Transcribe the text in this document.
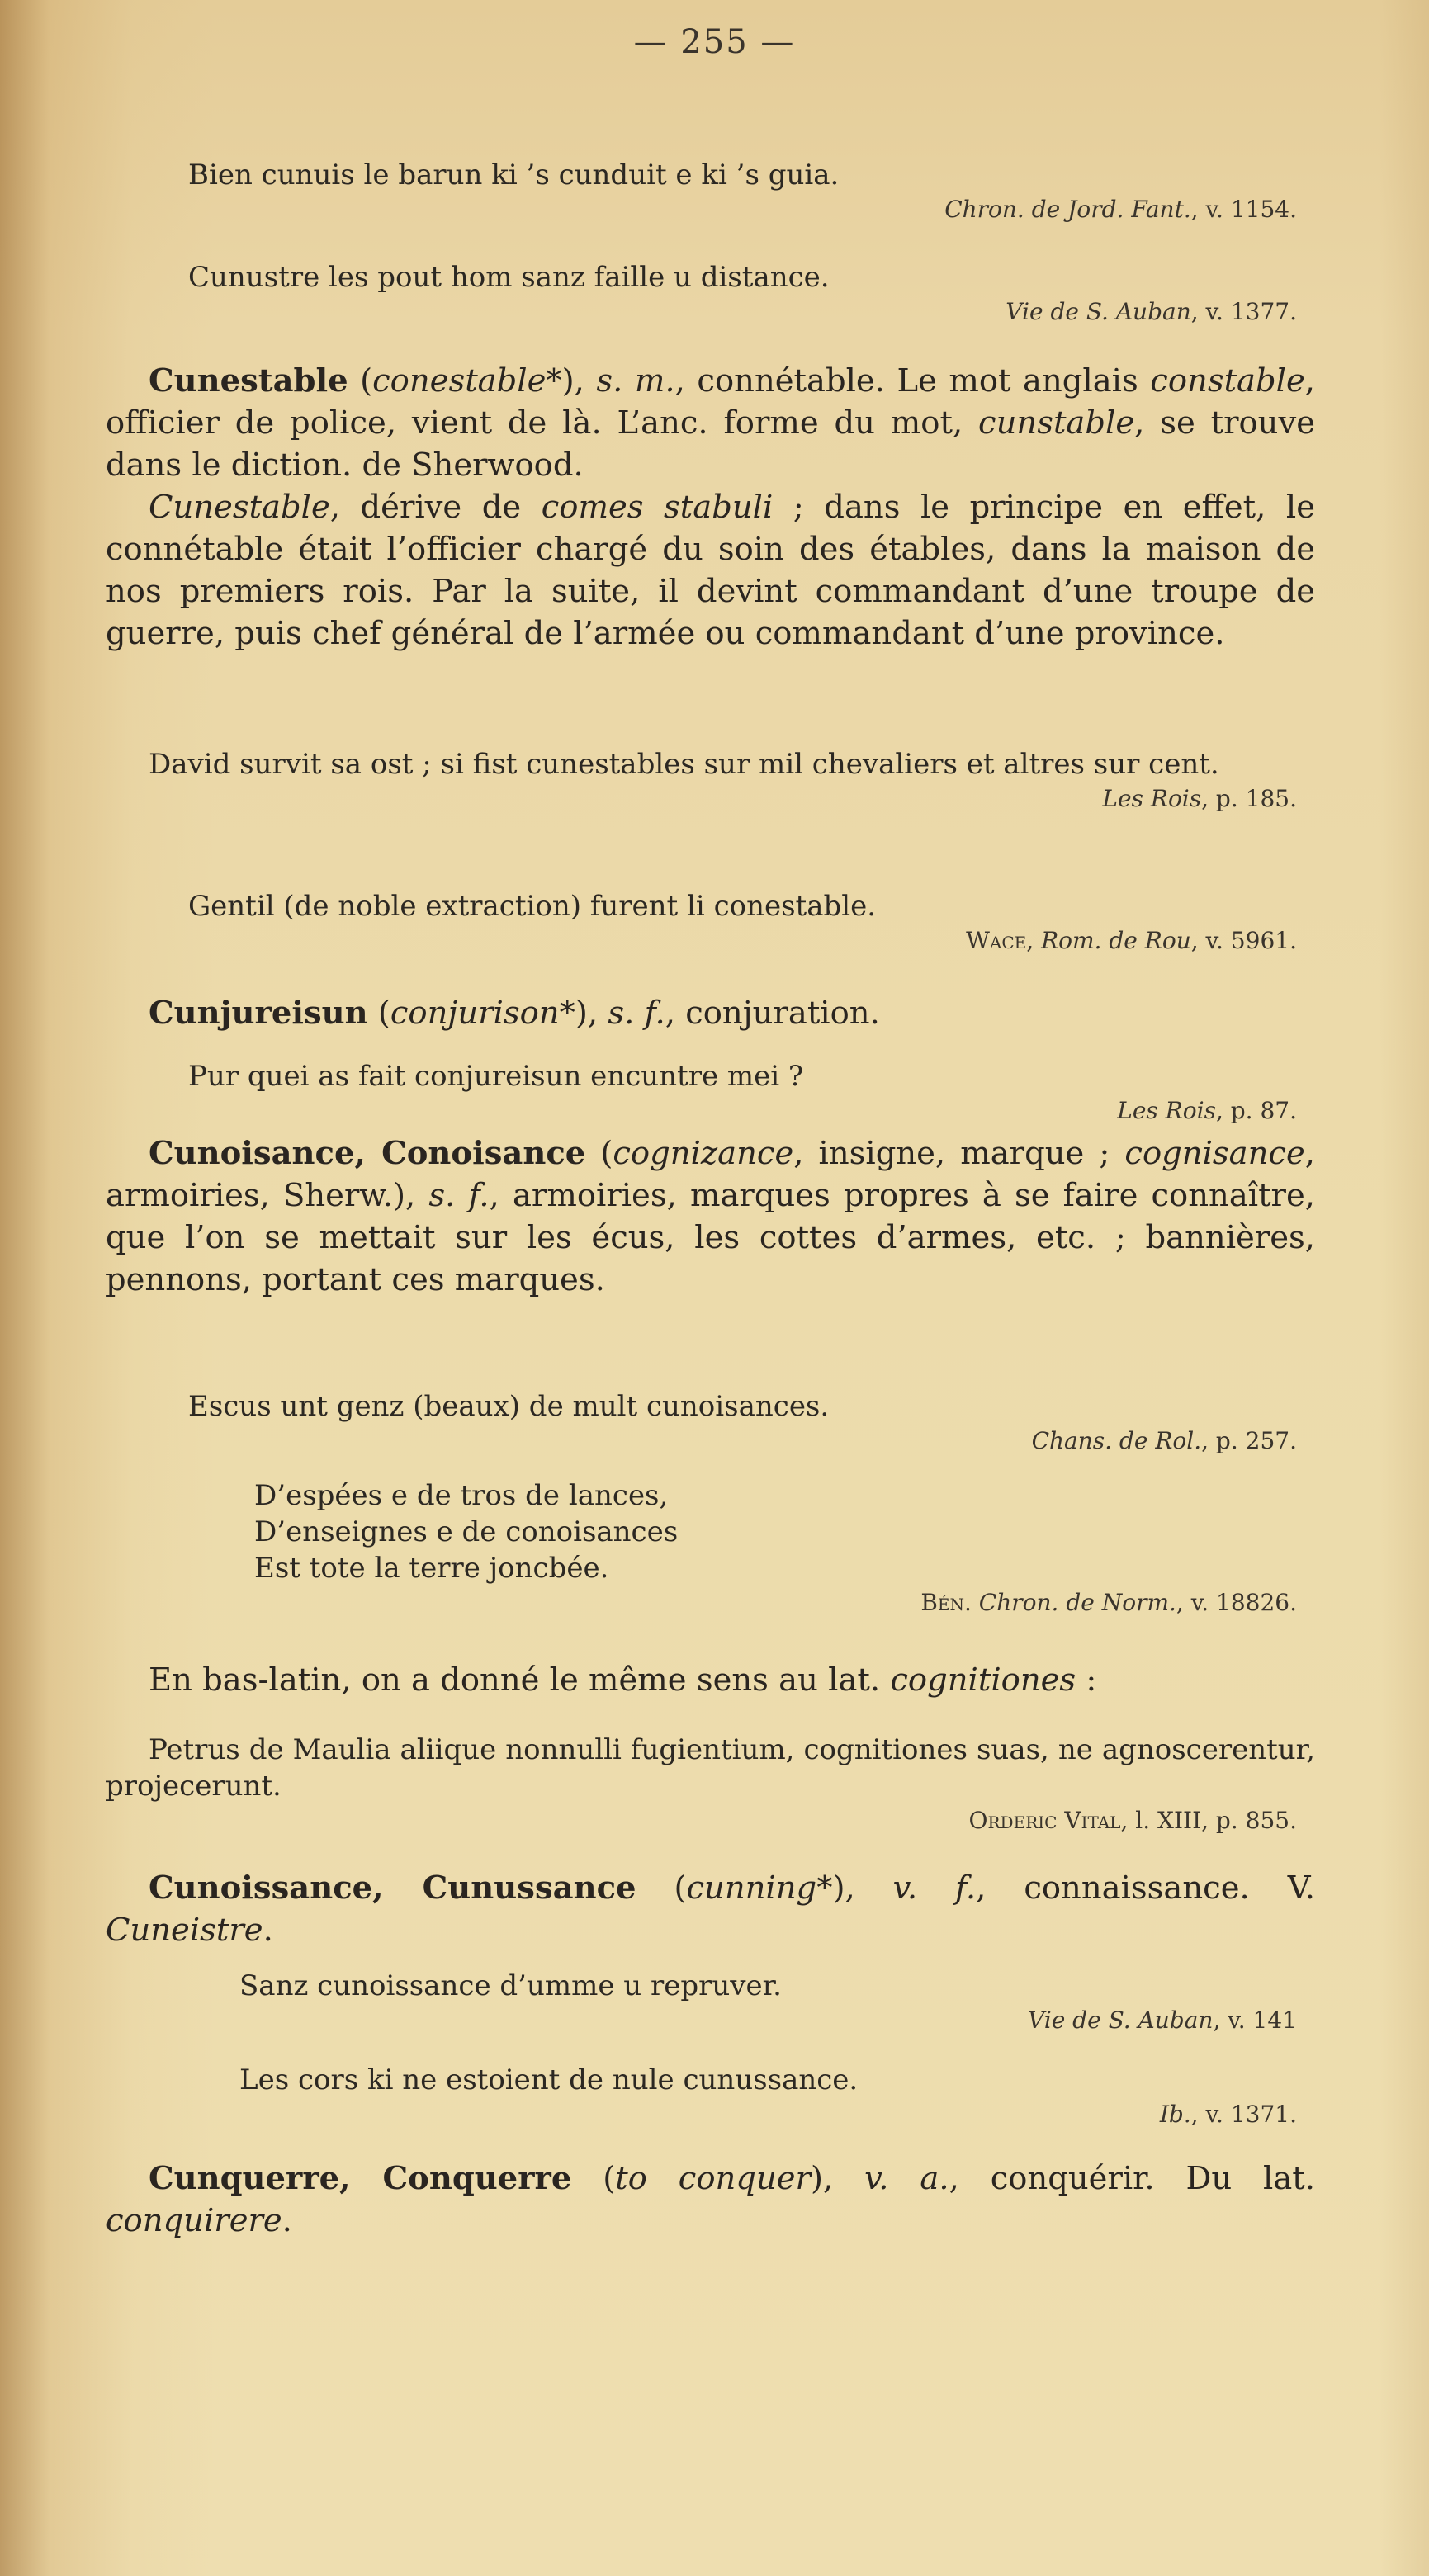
— 255 —
Bien cunuis le barun ki ’s cunduit e ki ’s guia.
Chron. de Jord. Fant., v. 1154.
Cunustre les pout hom sanz faille u distance.
Vie de S. Auban, v. 1377.
Cunestable (conestable*), s. m., connétable. Le mot anglais constable, officier de police, vient de là. L’anc. forme du mot, cunstable, se trouve dans le diction. de Sherwood.
Cunestable, dérive de comes stabuli ; dans le principe en effet, le connétable était l’officier chargé du soin des étables, dans la maison de nos premiers rois. Par la suite, il devint commandant d’une troupe de guerre, puis chef général de l’armée ou commandant d’une province.
David survit sa ost ; si fist cunestables sur mil chevaliers et altres sur cent.
Les Rois, p. 185.
Gentil (de noble extraction) furent li conestable.
Wace, Rom. de Rou, v. 5961.
Cunjureisun (conjurison*), s. f., conjuration.
Pur quei as fait conjureisun encuntre mei ?
Les Rois, p. 87.
Cunoisance, Conoisance (cognizance, insigne, marque ; cognisance, armoiries, Sherw.), s. f., armoiries, marques propres à se faire connaître, que l’on se mettait sur les écus, les cottes d’armes, etc. ; bannières, pennons, portant ces marques.
Escus unt genz (beaux) de mult cunoisances.
Chans. de Rol., p. 257.
D’espées e de tros de lances,
D’enseignes e de conoisances
Est tote la terre joncbée.
Bén. Chron. de Norm., v. 18826.
En bas-latin, on a donné le même sens au lat. cognitiones :
Petrus de Maulia aliique nonnulli fugientium, cognitiones suas, ne agnoscerentur, projecerunt.
Orderic Vital, l. XIII, p. 855.
Cunoissance, Cunussance (cunning*), v. f., connaissance. V. Cuneistre.
Sanz cunoissance d’umme u repruver.
Vie de S. Auban, v. 141
Les cors ki ne estoient de nule cunussance.
Ib., v. 1371.
Cunquerre, Conquerre (to conquer), v. a., conquérir. Du lat. conquirere.
